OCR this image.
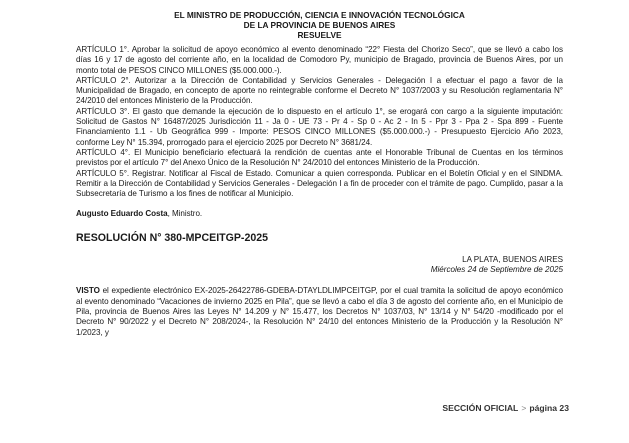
EL MINISTRO DE PRODUCCIÓN, CIENCIA E INNOVACIÓN TECNOLÓGICA

DE LA PROVINCIA DE BUENOS AIRES

RESUELVE

ARTÍCULO 1°. Aprobar la solicitud de apoyo económico al evento denominado “22° Fiesta del Chorizo Seco”, que se llevó a cabo los días 16 y 17 de agosto del corriente año, en la localidad de Comodoro Py, municipio de Bragado, provincia de Buenos Aires, por un monto total de PESOS CINCO MILLONES ($5.000.000.-).

ARTÍCULO 2°. Autorizar a la Dirección de Contabilidad y Servicios Generales - Delegación I a efectuar el pago a favor de la Municipalidad de Bragado, en concepto de aporte no reintegrable conforme el Decreto N° 1037/2003 y su Resolución reglamentaria N° 24/2010 del entonces Ministerio de la Producción.

ARTÍCULO 3°. El gasto que demande la ejecución de lo dispuesto en el artículo 1°, se erogará con cargo a la siguiente imputación: Solicitud de Gastos N° 16487/2025 Jurisdicción 11 - Ja 0 - UE 73 - Pr 4 - Sp 0 - Ac 2 - In 5 - Ppr 3 - Ppa 2 - Spa 899 - Fuente Financiamiento 1.1 - Ub Geográfica 999 - Importe: PESOS CINCO MILLONES ($5.000.000.-) - Presupuesto Ejercicio Año 2023, conforme Ley N° 15.394, prorrogado para el ejercicio 2025 por Decreto N° 3681/24.

ARTÍCULO 4°. El Municipio beneficiario efectuará la rendición de cuentas ante el Honorable Tribunal de Cuentas en los términos previstos por el artículo 7° del Anexo Único de la Resolución N° 24/2010 del entonces Ministerio de la Producción.

ARTÍCULO 5°. Registrar. Notificar al Fiscal de Estado. Comunicar a quien corresponda. Publicar en el Boletín Oficial y en el SINDMA. Remitir a la Dirección de Contabilidad y Servicios Generales - Delegación I a fin de proceder con el trámite de pago. Cumplido, pasar a la Subsecretaría de Turismo a los fines de notificar al Municipio.

Augusto Eduardo Costa, Ministro.
RESOLUCIÓN N° 380-MPCEITGP-2025
LA PLATA, BUENOS AIRES
Miércoles 24 de Septiembre de 2025

VISTO el expediente electrónico EX-2025-26422786-GDEBA-DTAYLDLIMPCEITGP, por el cual tramita la solicitud de apoyo económico al evento denominado “Vacaciones de invierno 2025 en Pila”, que se llevó a cabo el día 3 de agosto del corriente año, en el Municipio de Pila, provincia de Buenos Aires las Leyes N° 14.209 y N° 15.477, los Decretos N° 1037/03, N° 13/14 y N° 54/20 -modificado por el Decreto N° 90/2022 y el Decreto N° 208/2024-, la Resolución N° 24/10 del entonces Ministerio de la Producción y la Resolución N° 1/2023, y

SECCIÓN OFICIAL > página 23
